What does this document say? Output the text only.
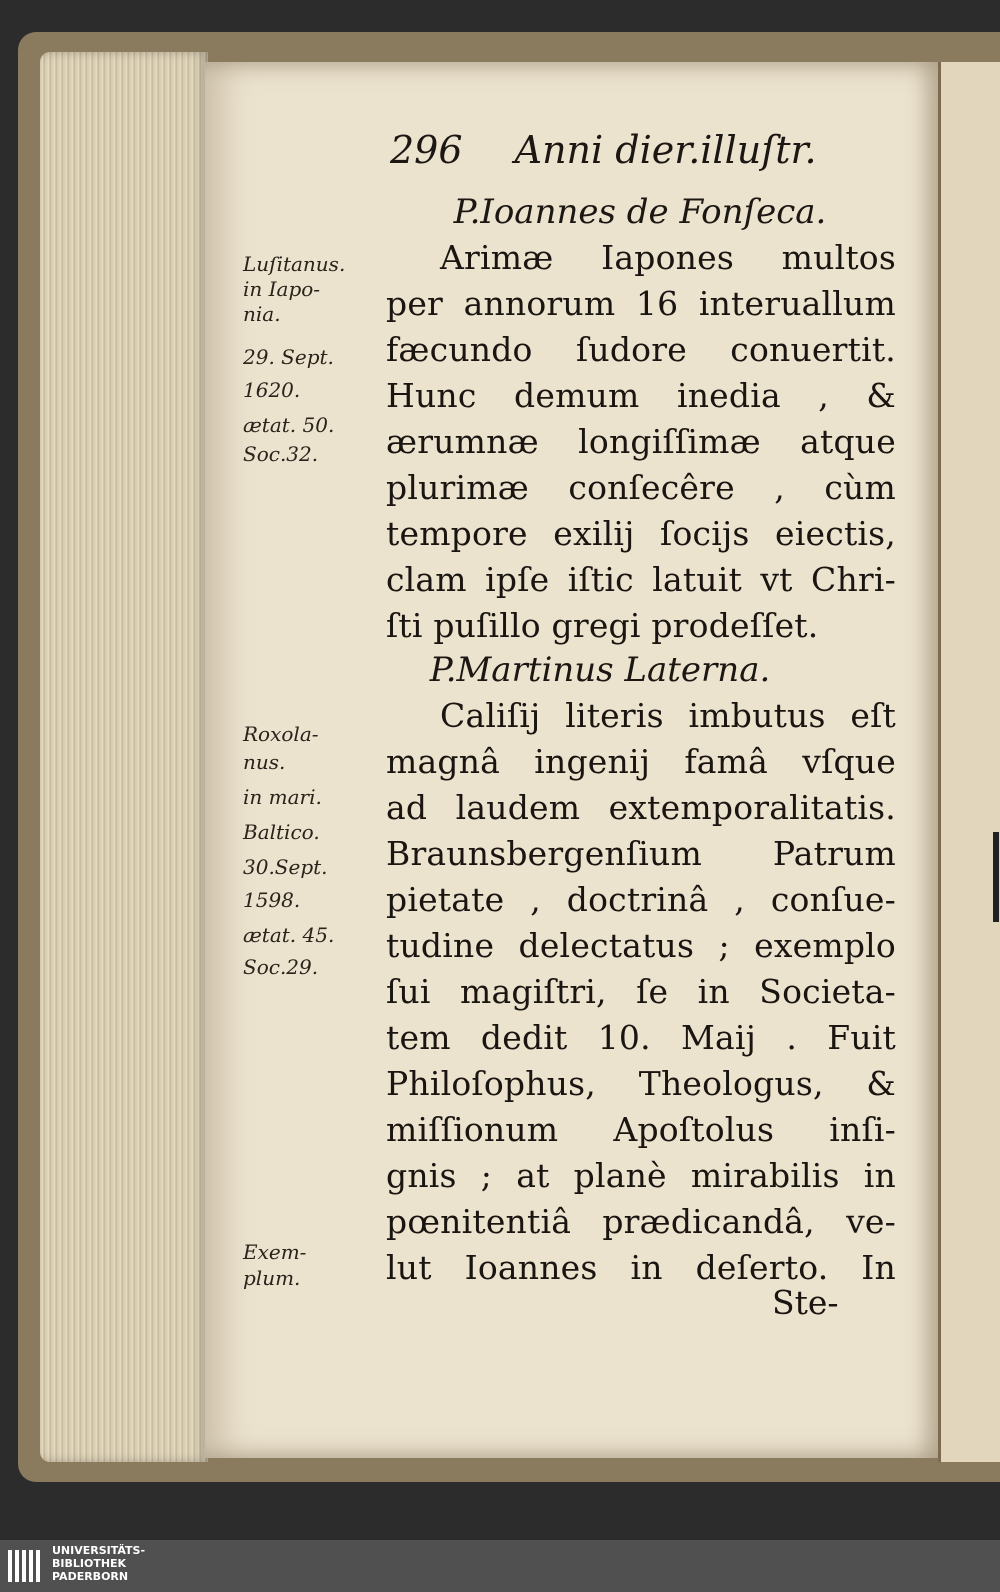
296 Anni dier.illuſtr.
P.Ioannes de Fonſeca.
Luſitanus.
in Iapo-
nia.
29. Sept.
1620.
ætat. 50.
Soc.32.
Arimæ Iapones multos
per annorum 16 interuallum
fæcundo ſudore conuertit.
Hunc demum inedia , &
ærumnæ longiſſimæ atque
plurimæ conſecêre , cùm
tempore exilij ſocijs eiectis,
clam ipſe iſtic latuit vt Chri-
ſti puſillo gregi prodeſſet.
P.Martinus Laterna.
Roxola-
nus.
in mari.
Baltico.
30.Sept.
1598.
ætat. 45.
Soc.29.
Caliſij literis imbutus eſt
magnâ ingenij famâ vſque
ad laudem extemporalitatis.
Braunsbergenſium Patrum
pietate , doctrinâ , conſue-
tudine delectatus ; exemplo
ſui magiſtri, ſe in Societa-
tem dedit 10. Maij . Fuit
Philoſophus, Theologus, &
miſſionum Apoſtolus inſi-
gnis ; at planè mirabilis in
pœnitentiâ prædicandâ, ve-
lut Ioannes in deſerto. In
Exem-
plum.
Ste-
UNIVERSITÄTS-
BIBLIOTHEK
PADERBORN
